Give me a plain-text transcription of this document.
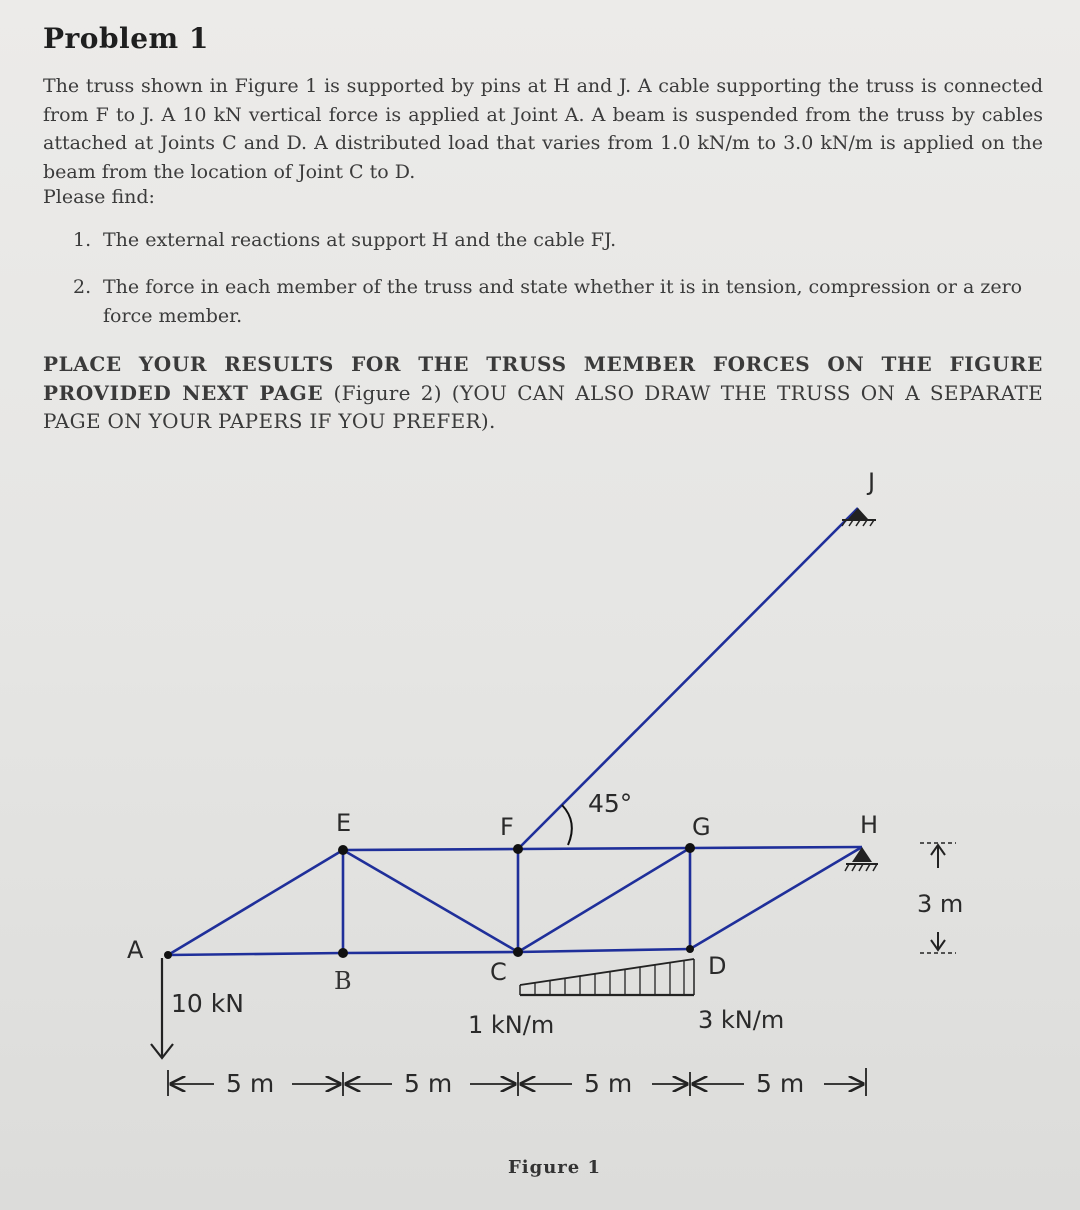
Problem 1
The truss shown in Figure 1 is supported by pins at H and J. A cable supporting the truss is connected from F to J. A 10 kN vertical force is applied at Joint A. A beam is suspended from the truss by cables attached at Joints C and D. A distributed load that varies from 1.0 kN/m to 3.0 kN/m is applied on the beam from the location of Joint C to D.
Please find:
1. The external reactions at support H and the cable FJ.
2. The force in each member of the truss and state whether it is in tension, compression or a zero force member.
PLACE YOUR RESULTS FOR THE TRUSS MEMBER FORCES ON THE FIGURE PROVIDED NEXT PAGE (Figure 2) (YOU CAN ALSO DRAW THE TRUSS ON A SEPARATE PAGE ON YOUR PAPERS IF YOU PREFER).
45°
A
B	C	D
E	F	G	H
J
10 kN
1 kN/m	3 kN/m
3 m
5 m	5 m	5 m	5 m
Figure 1
